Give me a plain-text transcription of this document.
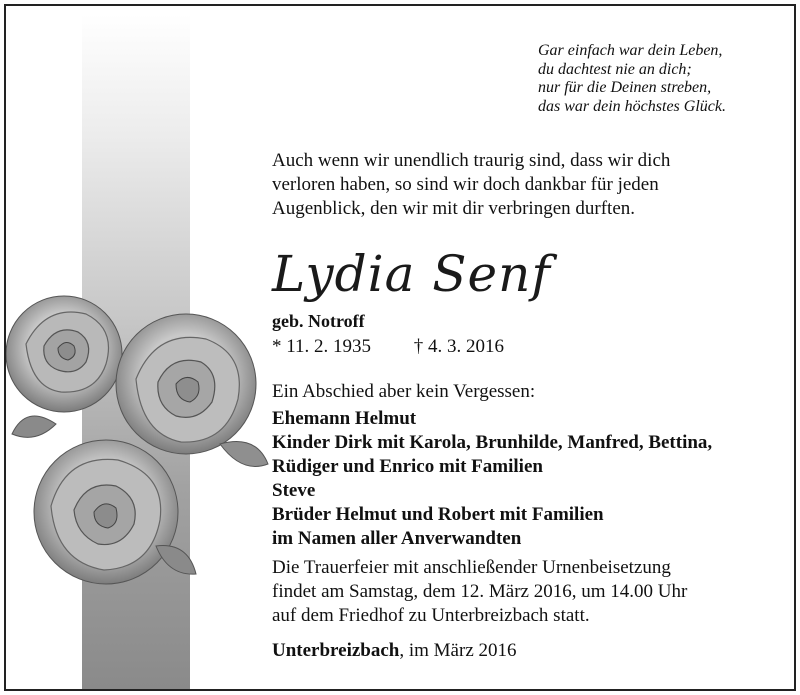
Gar einfach war dein Leben,
du dachtest nie an dich;
nur für die Deinen streben,
das war dein höchstes Glück.
Auch wenn wir unendlich traurig sind, dass wir dich
verloren haben, so sind wir doch dankbar für jeden
Augenblick, den wir mit dir verbringen durften.
Lydia Senf
geb. Notroff
* 11. 2. 1935 † 4. 3. 2016
Ein Abschied aber kein Vergessen:
Ehemann Helmut
Kinder Dirk mit Karola, Brunhilde, Manfred, Bettina,
Rüdiger und Enrico mit Familien
Steve
Brüder Helmut und Robert mit Familien
im Namen aller Anverwandten
Die Trauerfeier mit anschließender Urnenbeisetzung
findet am Samstag, dem 12. März 2016, um 14.00 Uhr
auf dem Friedhof zu Unterbreizbach statt.
Unterbreizbach, im März 2016
